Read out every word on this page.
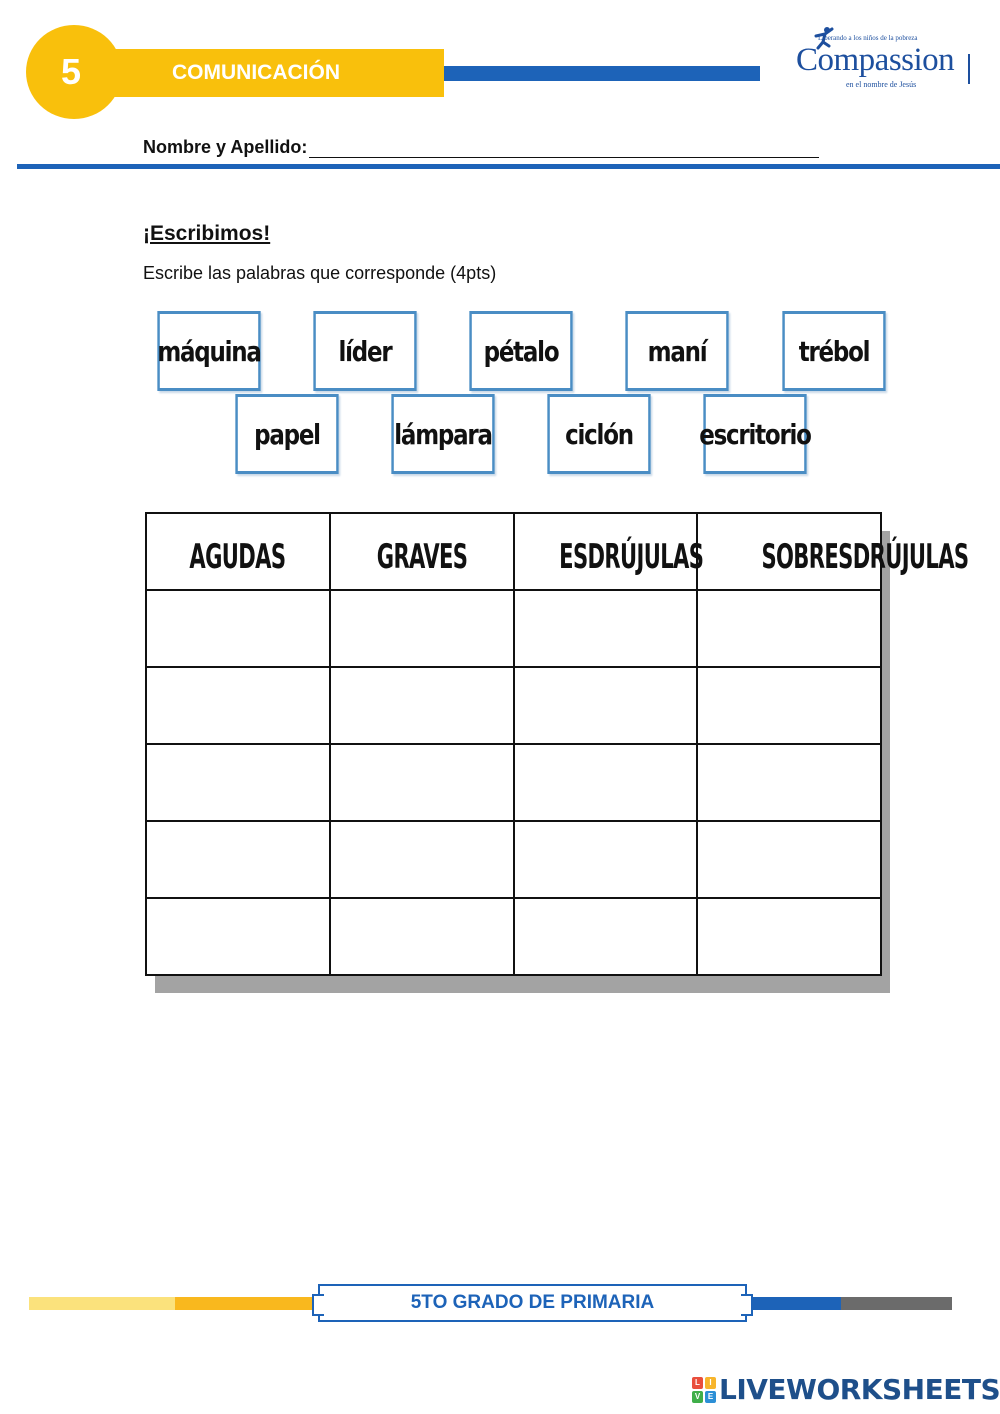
5	COMUNICACIÓN
Liberando a los niños de la pobreza
Compassion
en el nombre de Jesús
Nombre y Apellido:
¡Escribimos!
Escribe las palabras que corresponde (4pts)
máquina	líder	pétalo	maní	trébol
papel	lámpara	ciclón	escritorio
AGUDAS	GRAVES	ESDRÚJULAS	SOBRESDRÚJULAS

5TO GRADO DE PRIMARIA
L	I
V E LIVEWORKSHEETS
